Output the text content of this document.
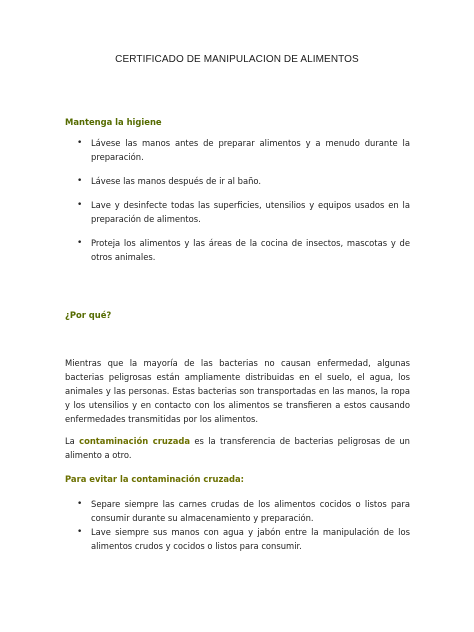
CERTIFICADO DE MANIPULACION DE ALIMENTOS
Mantenga la higiene
• Lávese las manos antes de preparar alimentos y a menudo durante la preparación.
• Lávese las manos después de ir al baño.
• Lave y desinfecte todas las superficies, utensilios y equipos usados en la preparación de alimentos.
• Proteja los alimentos y las áreas de la cocina de insectos, mascotas y de otros animales.
¿Por qué?

Mientras que la mayoría de las bacterias no causan enfermedad, algunas bacterias peligrosas están ampliamente distribuidas en el suelo, el agua, los animales y las personas. Estas bacterias son transportadas en las manos, la ropa y los utensilios y en contacto con los alimentos se transfieren a estos causando enfermedades transmitidas por los alimentos.

La contaminación cruzada es la transferencia de bacterias peligrosas de un alimento a otro.

Para evitar la contaminación cruzada:
• Separe siempre las carnes crudas de los alimentos cocidos o listos para consumir durante su almacenamiento y preparación.
• Lave siempre sus manos con agua y jabón entre la manipulación de los alimentos crudos y cocidos o listos para consumir.
